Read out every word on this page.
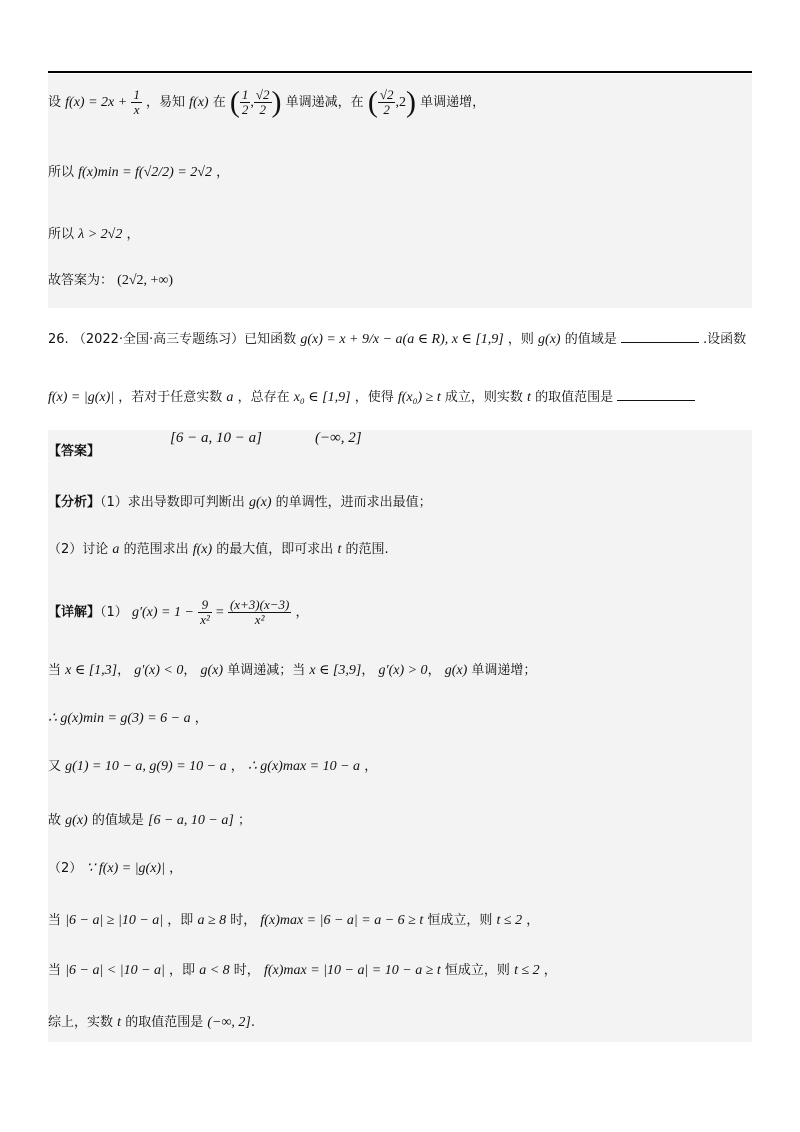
设 $f(x) = 2x + \frac{1}{x}$ ，易知 f(x) 在 ( $\frac{1}{2}$ , $\frac{√2}{2}$ ) 单调递减，在 ( $\frac{√2}{2} ,2$) 单调递增，
所以 f(x)min = f(√2/2) = 2√2 ，
所以 λ > 2√2 ，
故答案为： (2√2, +∞)
26. （2022·全国·高三专题练习）已知函数 g(x) = x + 9/x − a(a ∈ R), x ∈ [1,9] ，则 g(x) 的值域是	.设函数
f(x) = |g(x)| ，若对于任意实数 a ，总存在 x₀ ∈ [1,9] ，使得 f(x₀) ≥ t 成立，则实数 t 的取值范围是
【答案】
[6 − a, 10 − a]	(−∞, 2]
【分析】（1）求出导数即可判断出 g(x) 的单调性，进而求出最值；
（2）讨论 a 的范围求出 f(x) 的最大值，即可求出 t 的范围.
【详解】（1） $g'(x) = 1 - \frac{9}{\text{x²}} = \frac{(x+3)(x-3)}{\text{x²}}$ ，
当 x ∈ [1,3]， g′(x) < 0， g(x) 单调递减；当 x ∈ [3,9]， g′(x) > 0， g(x) 单调递增；
∴ g(x)min = g(3) = 6 − a ，
又 g(1) = 10 − a, g(9) = 10 − a ， ∴ g(x)max = 10 − a ，
故 g(x) 的值域是 [6 − a, 10 − a] ；
（2） ∵ f(x) = |g(x)| ，
当 |6 − a| ≥ |10 − a| ，即 a ≥ 8 时， f(x)max = |6 − a| = a − 6 ≥ t 恒成立，则 t ≤ 2 ，
当 |6 − a| < |10 − a| ，即 a < 8 时， f(x)max = |10 − a| = 10 − a ≥ t 恒成立，则 t ≤ 2 ，
综上，实数 t 的取值范围是 (−∞, 2].
